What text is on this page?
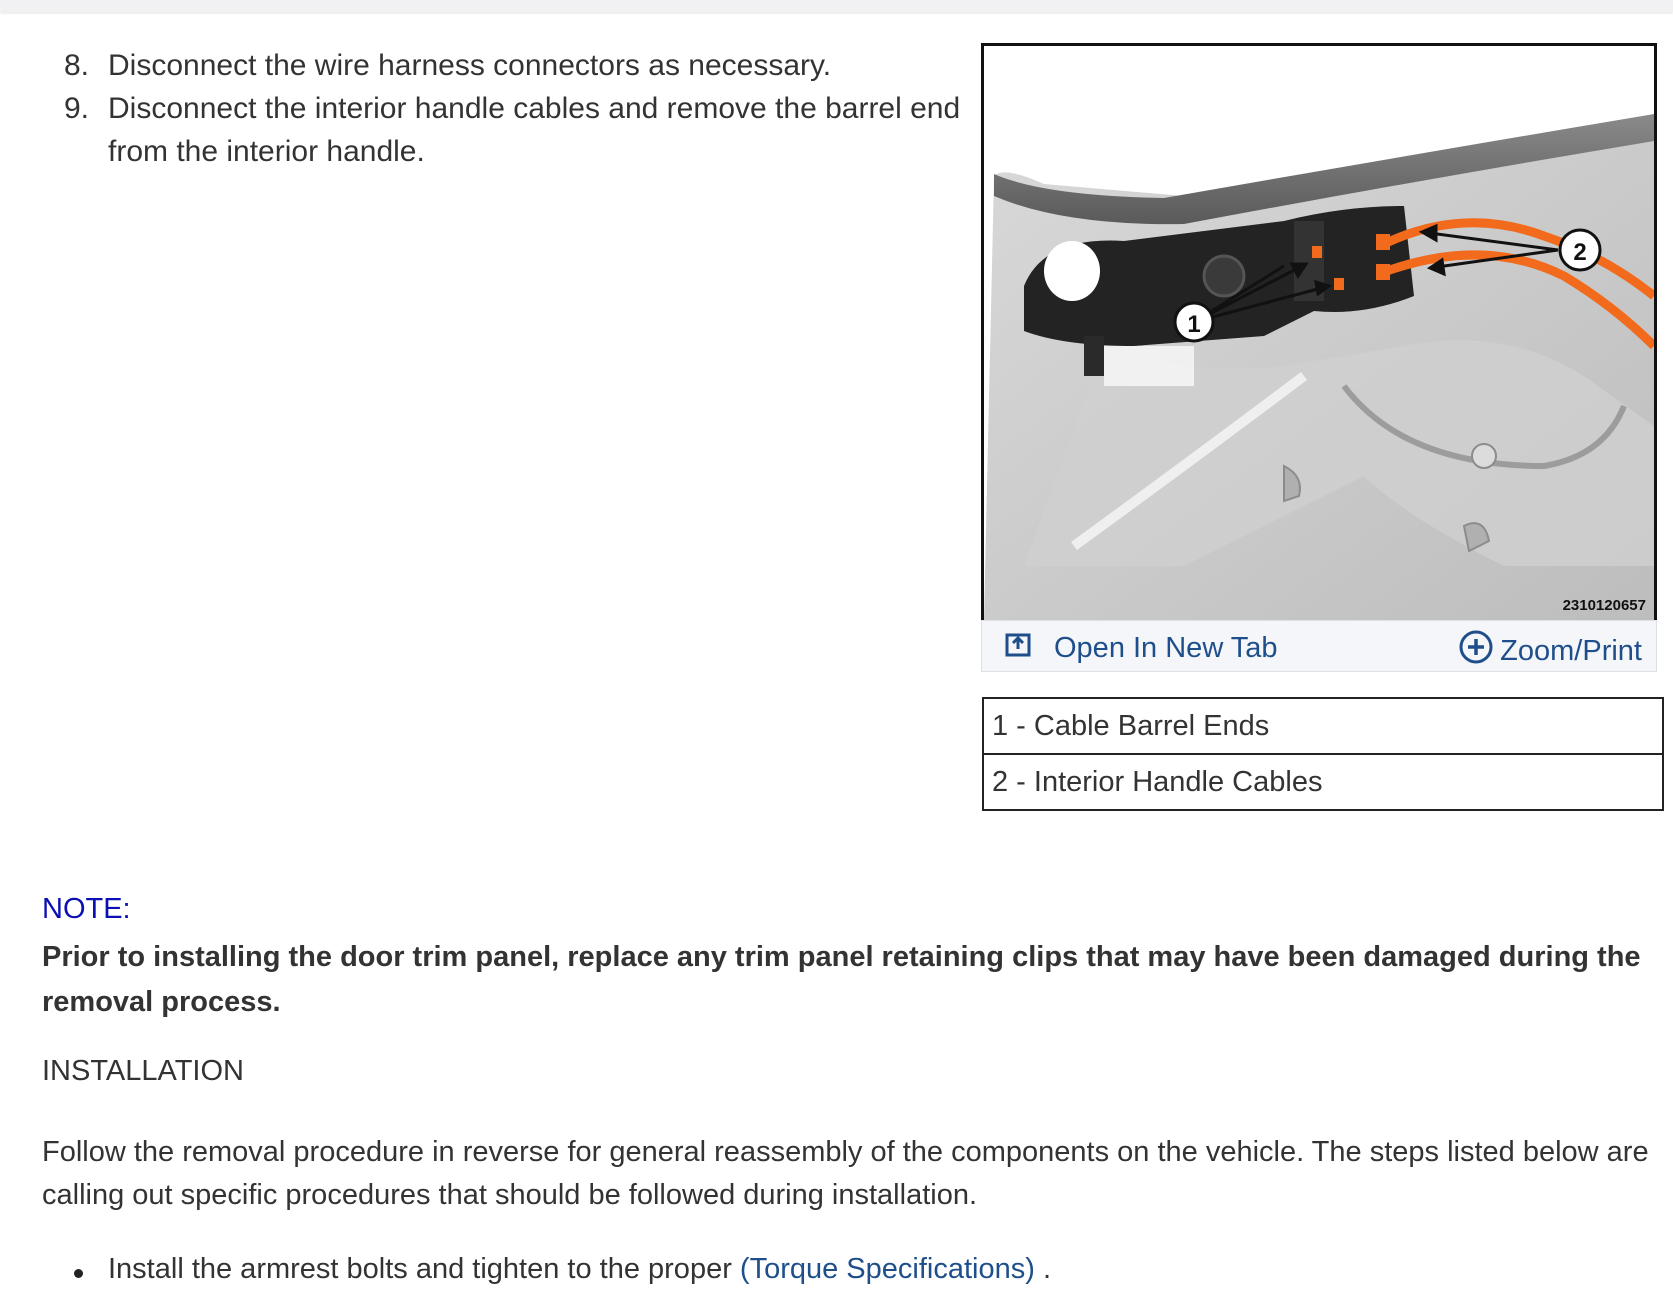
8. Disconnect the wire harness connectors as necessary.
9. Disconnect the interior handle cables and remove the barrel end from the interior handle.
1
2
2310120657
Open In New Tab	Zoom/Print
1 - Cable Barrel Ends
2 - Interior Handle Cables
NOTE:
Prior to installing the door trim panel, replace any trim panel retaining clips that may have been damaged during the removal process.
INSTALLATION
Follow the removal procedure in reverse for general reassembly of the components on the vehicle. The steps listed below are calling out specific procedures that should be followed during installation.
Install the armrest bolts and tighten to the proper (Torque Specifications) .
